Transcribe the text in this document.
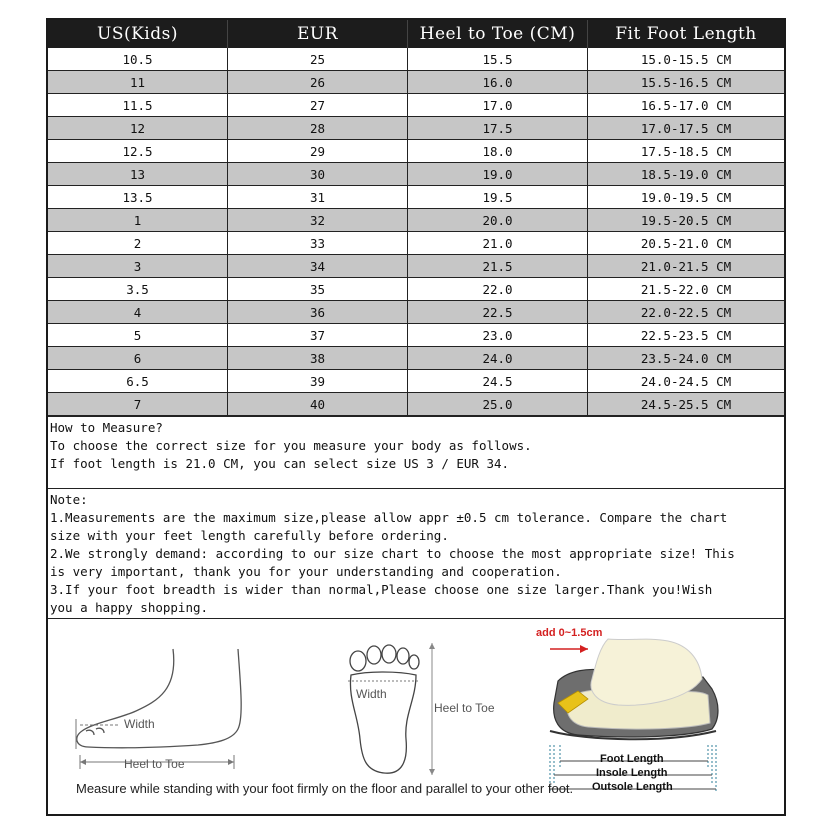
US(Kids)	EUR	Heel to Toe (CM)	Fit Foot Length
10.5	25	15.5	15.0-15.5 CM
11	26	16.0	15.5-16.5 CM
11.5	27	17.0	16.5-17.0 CM
12	28	17.5	17.0-17.5 CM
12.5	29	18.0	17.5-18.5 CM
13	30	19.0	18.5-19.0 CM
13.5	31	19.5	19.0-19.5 CM
1	32	20.0	19.5-20.5 CM
2	33	21.0	20.5-21.0 CM
3	34	21.5	21.0-21.5 CM
3.5	35	22.0	21.5-22.0 CM
4	36	22.5	22.0-22.5 CM
5	37	23.0	22.5-23.5 CM
6	38	24.0	23.5-24.0 CM
6.5	39	24.5	24.0-24.5 CM
7	40	25.0	24.5-25.5 CM
How to Measure?
To choose the correct size for you measure your body as follows.
If foot length is 21.0 CM, you can select size US 3 / EUR 34.
Note:
1.Measurements are the maximum size,please allow appr ±0.5 cm tolerance. Compare the chart
size with your feet length carefully before ordering.
2.We strongly demand: according to our size chart to choose the most appropriate size! This
is very important, thank you for your understanding and cooperation.
3.If your foot breadth is wider than normal,Please choose one size larger.Thank you!Wish
you a happy shopping.
Width
Heel to Toe
Width
Heel to Toe
add 0~1.5cm
Foot Length
Insole Length
Outsole Length
Measure while standing with your foot firmly on the floor and parallel to your other foot.
